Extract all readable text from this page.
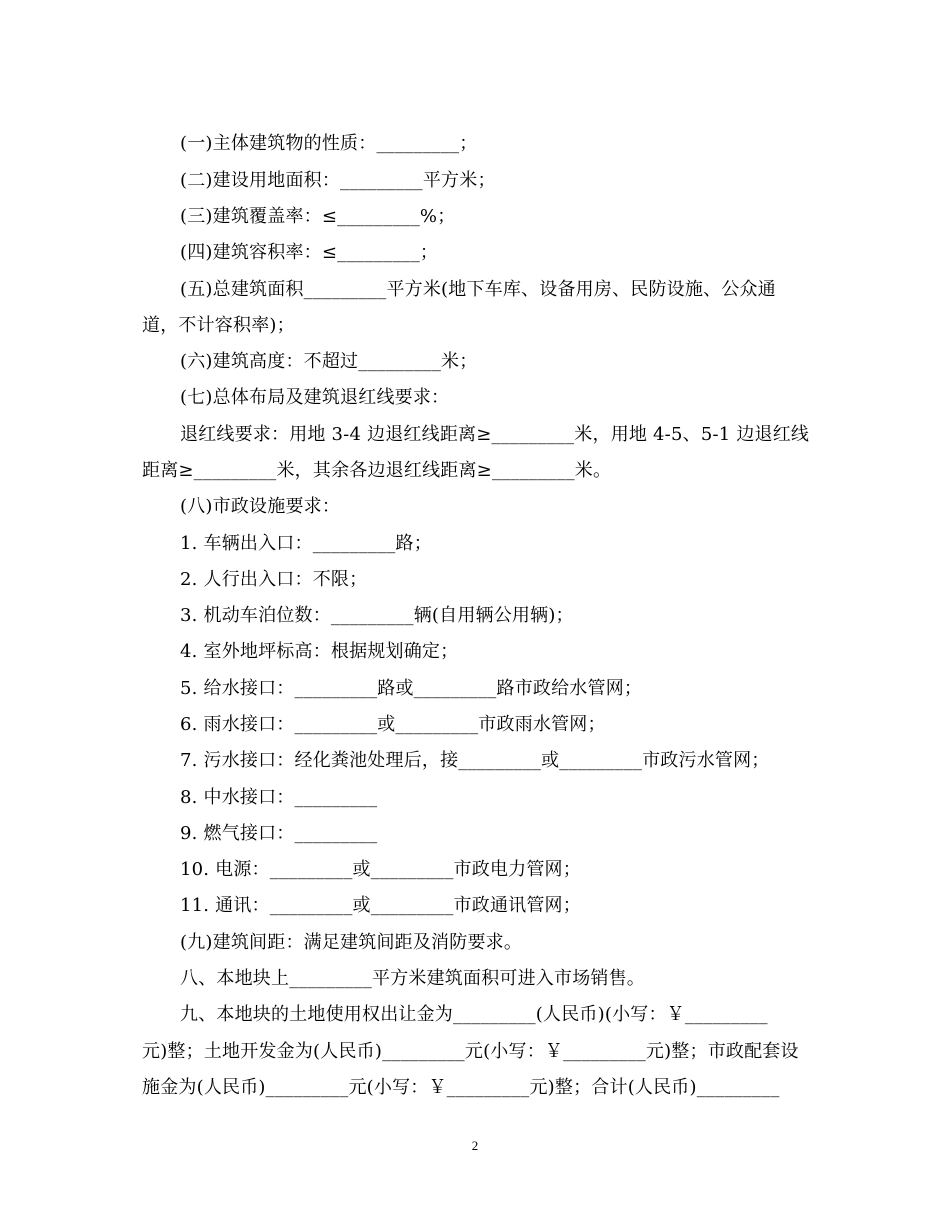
(一)主体建筑物的性质：_________；
(二)建设用地面积：_________平方米；
(三)建筑覆盖率：≤_________%；
(四)建筑容积率：≤_________；
(五)总建筑面积_________平方米(地下车库、设备用房、民防设施、公众通
道，不计容积率)；
(六)建筑高度：不超过_________米；
(七)总体布局及建筑退红线要求：
退红线要求：用地 3-4 边退红线距离≥_________米，用地 4-5、5-1 边退红线
距离≥_________米，其余各边退红线距离≥_________米。
(八)市政设施要求：
1. 车辆出入口：_________路；
2. 人行出入口：不限；
3. 机动车泊位数：_________辆(自用辆公用辆)；
4. 室外地坪标高：根据规划确定；
5. 给水接口：_________路或_________路市政给水管网；
6. 雨水接口：_________或_________市政雨水管网；
7. 污水接口：经化粪池处理后，接_________或_________市政污水管网；
8. 中水接口：_________
9. 燃气接口：_________
10. 电源：_________或_________市政电力管网；
11. 通讯：_________或_________市政通讯管网；
(九)建筑间距：满足建筑间距及消防要求。
八、本地块上_________平方米建筑面积可进入市场销售。
九、本地块的土地使用权出让金为_________(人民币)(小写：￥_________
元)整；土地开发金为(人民币)_________元(小写：￥_________元)整；市政配套设
施金为(人民币)_________元(小写：￥_________元)整；合计(人民币)_________
2
